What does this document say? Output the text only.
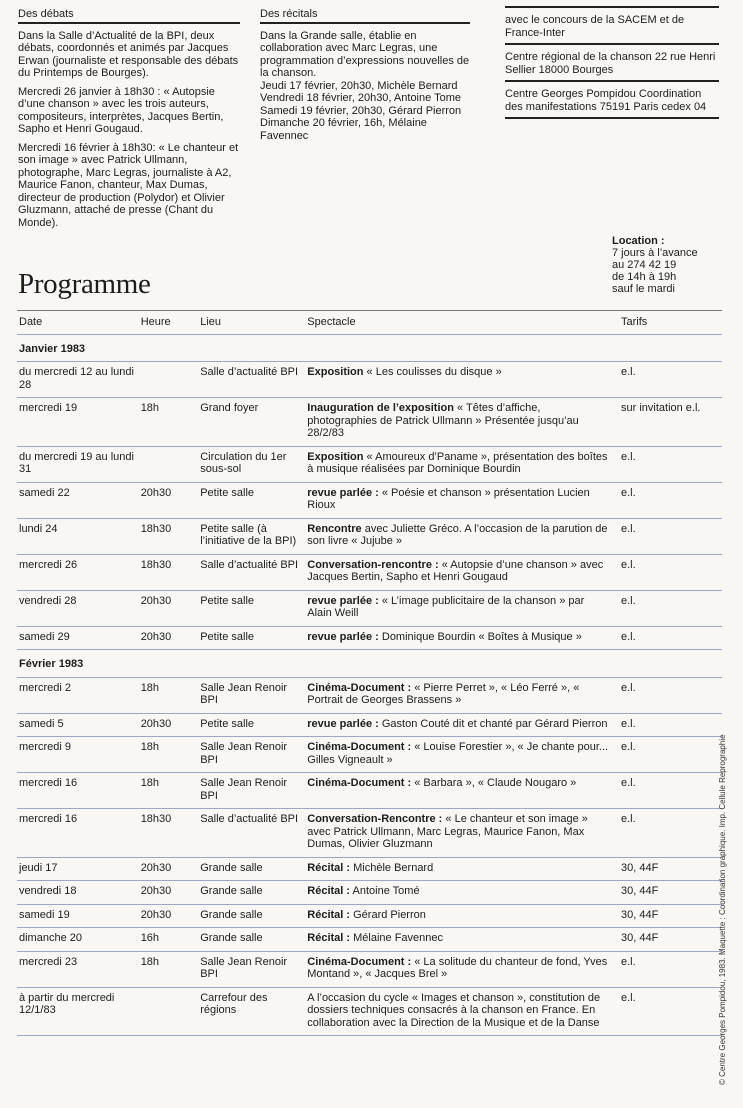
Des débats

Dans la Salle d’Actualité de la BPI, deux débats, coordonnés et animés par Jacques Erwan (journaliste et responsable des débats du Printemps de Bourges).

Mercredi 26 janvier à 18h30 : « Autopsie d’une chanson » avec les trois auteurs, compositeurs, interprètes, Jacques Bertin, Sapho et Henri Gougaud.

Mercredi 16 février à 18h30: « Le chanteur et son image » avec Patrick Ullmann, photographe, Marc Legras, journaliste à A2, Maurice Fanon, chanteur, Max Dumas, directeur de production (Polydor) et Olivier Gluzmann, attaché de presse (Chant du Monde).

Des récitals
Dans la Grande salle, établie en collaboration avec Marc Legras, une programmation d’expressions nouvelles de la chanson.
Jeudi 17 février, 20h30, Michèle Bernard
Vendredi 18 février, 20h30, Antoine Tome
Samedi 19 février, 20h30, Gérard Pierron
Dimanche 20 février, 16h, Mélaine Favennec
avec le concours de la SACEM et de France-Inter
Centre régional de la chanson 22 rue Henri Sellier 18000 Bourges
Centre Georges Pompidou Coordination des manifestations 75191 Paris cedex 04
Location :
7 jours à l’avance
au 274 42 19
de 14h à 19h
sauf le mardi
Programme
Date	Heure	Lieu	Spectacle	Tarifs
Janvier 1983				
du mercredi 12 au lundi 28		Salle d’actualité BPI	Exposition « Les coulisses du disque »	e.l.
mercredi 19	18h	Grand foyer	Inauguration de l’exposition « Têtes d’affiche, photographies de Patrick Ullmann » Présentée jusqu’au 28/2/83	sur invitation e.l.
du mercredi 19 au lundi 31		Circulation du 1er sous-sol	Exposition « Amoureux d’Paname », présentation des boîtes à musique réalisées par Dominique Bourdin	e.l.
samedi 22	20h30	Petite salle	revue parlée : « Poésie et chanson » présentation Lucien Rioux	e.l.
lundi 24	18h30	Petite salle (à l’initiative de la BPI)	Rencontre avec Juliette Gréco. A l’occasion de la parution de son livre « Jujube »	e.l.
mercredi 26	18h30	Salle d’actualité BPI	Conversation-rencontre : « Autopsie d’une chanson » avec Jacques Bertin, Sapho et Henri Gougaud	e.l.
vendredi 28	20h30	Petite salle	revue parlée : « L’image publicitaire de la chanson » par Alain Weill	e.l.
samedi 29	20h30	Petite salle	revue parlée : Dominique Bourdin « Boîtes à Musique »	e.l.
Février 1983				
mercredi 2	18h	Salle Jean Renoir BPI	Cinéma-Document : « Pierre Perret », « Léo Ferré », « Portrait de Georges Brassens »	e.l.
samedi 5	20h30	Petite salle	revue parlée : Gaston Couté dit et chanté par Gérard Pierron	e.l.
mercredi 9	18h	Salle Jean Renoir BPI	Cinéma-Document : « Louise Forestier », « Je chante pour... Gilles Vigneault »	e.l.
mercredi 16	18h	Salle Jean Renoir BPI	Cinéma-Document : « Barbara », « Claude Nougaro »	e.l.
mercredi 16	18h30	Salle d’actualité BPI	Conversation-Rencontre : « Le chanteur et son image » avec Patrick Ullmann, Marc Legras, Maurice Fanon, Max Dumas, Olivier Gluzmann	e.l.
jeudi 17	20h30	Grande salle	Récital : Michèle Bernard	30, 44F
vendredi 18	20h30	Grande salle	Récital : Antoine Tomé	30, 44F
samedi 19	20h30	Grande salle	Récital : Gérard Pierron	30, 44F
dimanche 20	16h	Grande salle	Récital : Mélaine Favennec	30, 44F
mercredi 23	18h	Salle Jean Renoir BPI	Cinéma-Document : « La solitude du chanteur de fond, Yves Montand », « Jacques Brel »	e.l.
à partir du mercredi 12/1/83		Carrefour des régions	A l’occasion du cycle « Images et chanson », constitution de dossiers techniques consacrés à la chanson en France. En collaboration avec la Direction de la Musique et de la Danse	e.l.	© Centre Georges Pompidou, 1983. Maquette : Coordination graphique. Imp. Cellule Reprographie
